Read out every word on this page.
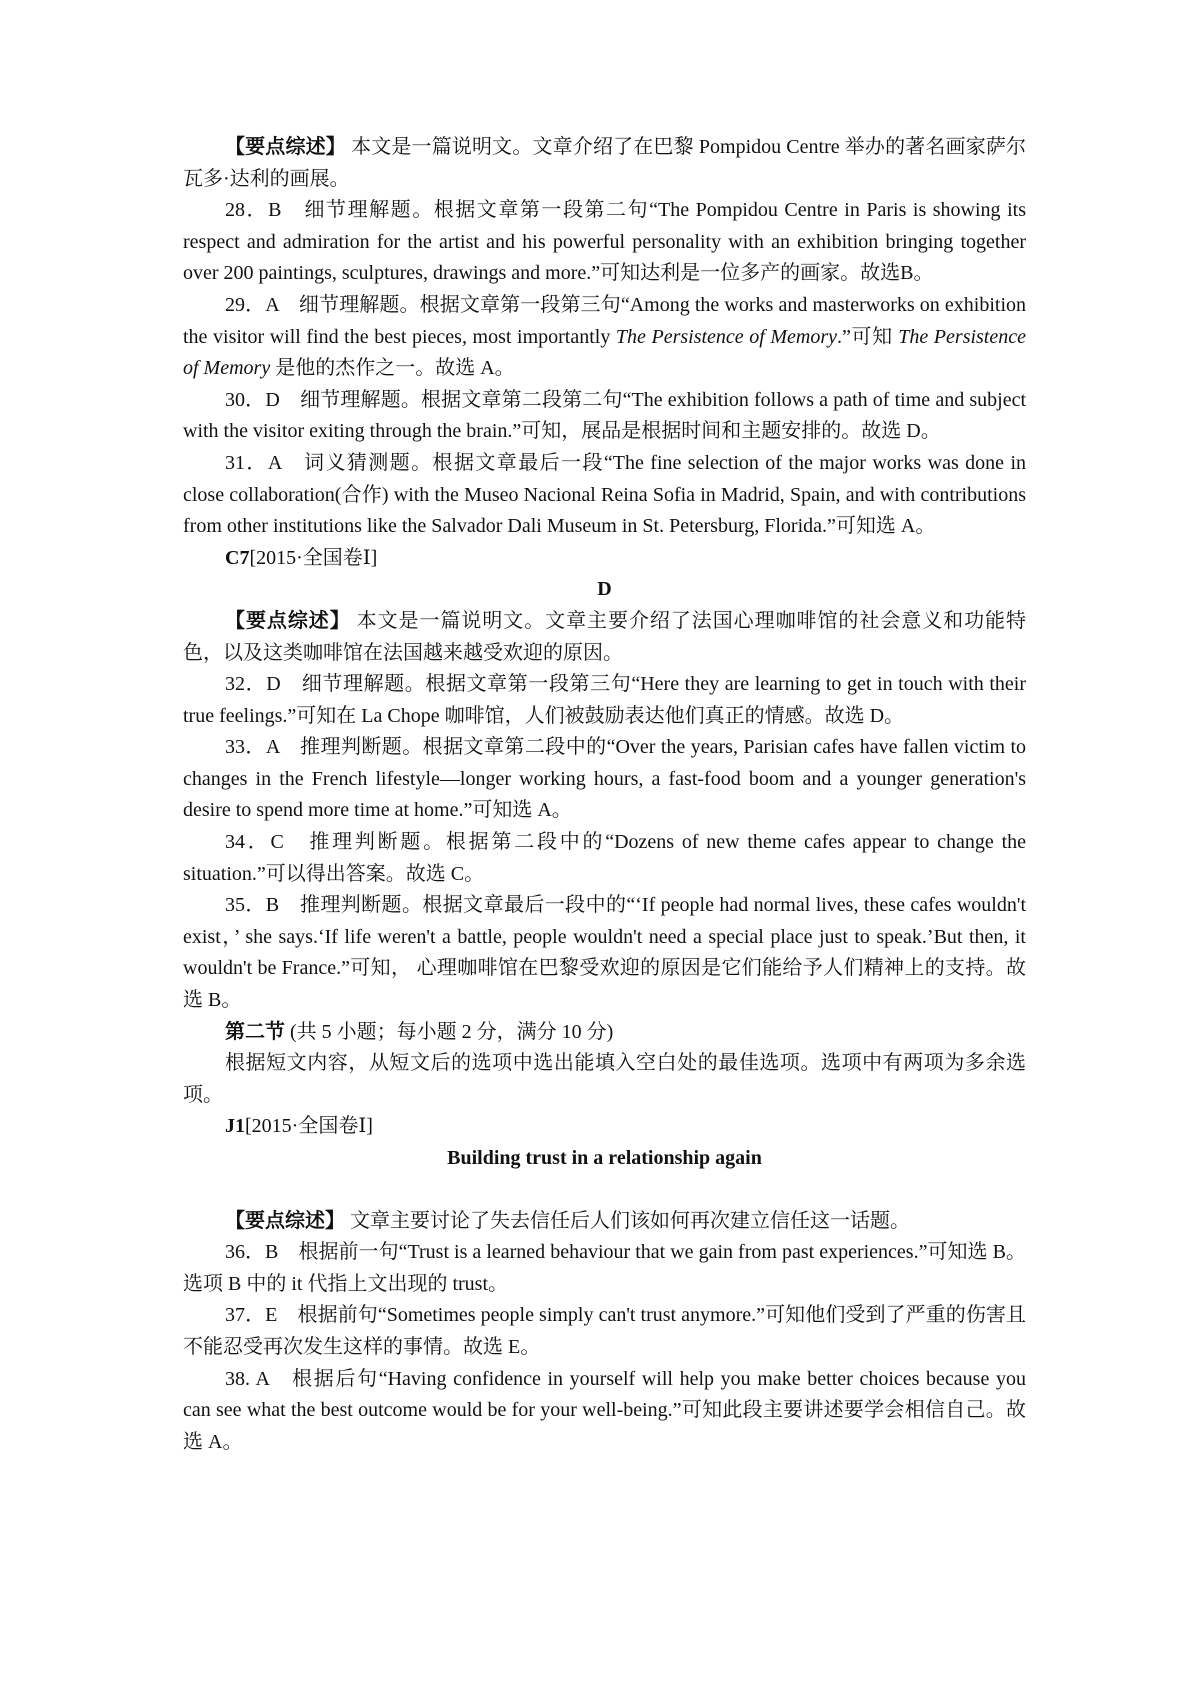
【要点综述】 本文是一篇说明文。文章介绍了在巴黎 Pompidou Centre 举办的著名画家萨尔瓦多·达利的画展。

28．B　细节理解题。根据文章第一段第二句“The Pompidou Centre in Paris is showing its respect and admiration for the artist and his powerful personality with an exhibition bringing together over 200 paintings, sculptures, drawings and more.”可知达利是一位多产的画家。故选B。

29．A　细节理解题。根据文章第一段第三句“Among the works and masterworks on exhibition the visitor will find the best pieces, most importantly The Persistence of Memory.”可知 The Persistence of Memory 是他的杰作之一。故选 A。

30．D　细节理解题。根据文章第二段第二句“The exhibition follows a path of time and subject with the visitor exiting through the brain.”可知，展品是根据时间和主题安排的。故选 D。

31．A　词义猜测题。根据文章最后一段“The fine selection of the major works was done in close collaboration(合作) with the Museo Nacional Reina Sofia in Madrid, Spain, and with contributions from other institutions like the Salvador Dali Museum in St. Petersburg, Florida.”可知选 A。

C7[2015·全国卷Ⅰ]

D

【要点综述】 本文是一篇说明文。文章主要介绍了法国心理咖啡馆的社会意义和功能特色，以及这类咖啡馆在法国越来越受欢迎的原因。

32．D　细节理解题。根据文章第一段第三句“Here they are learning to get in touch with their true feelings.”可知在 La Chope 咖啡馆，人们被鼓励表达他们真正的情感。故选 D。

33．A　推理判断题。根据文章第二段中的“Over the years, Parisian cafes have fallen victim to changes in the French lifestyle—longer working hours, a fast-food boom and a younger generation's desire to spend more time at home.”可知选 A。

34．C　推理判断题。根据第二段中的“Dozens of new theme cafes appear to change the situation.”可以得出答案。故选 C。

35．B　推理判断题。根据文章最后一段中的“‘If people had normal lives, these cafes wouldn't exist，’ she says.‘If life weren't a battle, people wouldn't need a special place just to speak.’But then, it wouldn't be France.”可知， 心理咖啡馆在巴黎受欢迎的原因是它们能给予人们精神上的支持。故选 B。

第二节 (共 5 小题；每小题 2 分，满分 10 分)

根据短文内容，从短文后的选项中选出能填入空白处的最佳选项。选项中有两项为多余选项。

J1[2015·全国卷Ⅰ]

Building trust in a relationship again

【要点综述】 文章主要讨论了失去信任后人们该如何再次建立信任这一话题。

36．B　根据前一句“Trust is a learned behaviour that we gain from past experiences.”可知选 B。选项 B 中的 it 代指上文出现的 trust。

37．E　根据前句“Sometimes people simply can't trust anymore.”可知他们受到了严重的伤害且不能忍受再次发生这样的事情。故选 E。

38. A　根据后句“Having confidence in yourself will help you make better choices because you can see what the best outcome would be for your well-being.”可知此段主要讲述要学会相信自己。故选 A。
